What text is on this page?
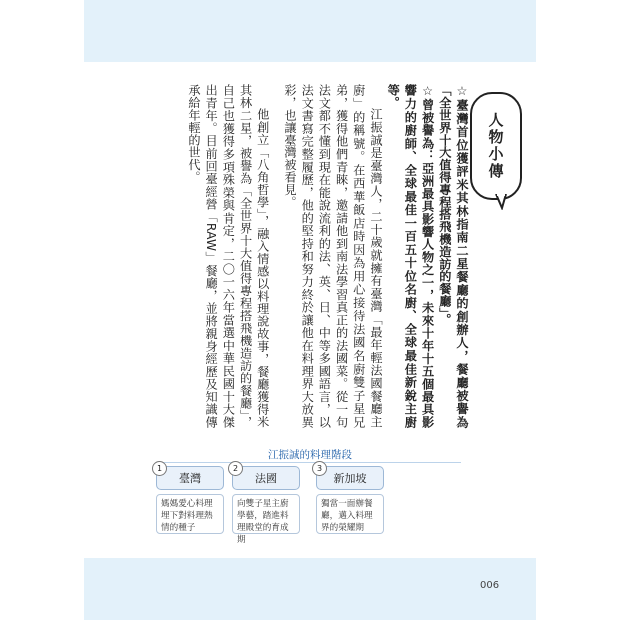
☆臺灣首位獲評米其林指南二星餐廳的創辦人，餐廳被譽為「全世界十大值得專程搭飛機造訪的餐廳」。

☆曾被譽為：亞洲最具影響人物之一，未來十年十五個最具影響力的廚師、全球最佳一百五十位名廚、全球最佳新銳主廚等。

江振誠是臺灣人，二十歲就擁有臺灣「最年輕法國餐廳主廚」的稱號。在西華飯店時因為用心接待法國名廚雙子星兄弟，獲得他們青睞，邀請他到南法學習真正的法國菜。從一句法文都不懂到現在能說流利的法、英、日、中等多國語言，以法文書寫完整履歷，他的堅持和努力終於讓他在料理界大放異彩，也讓臺灣被看見。

他創立「八角哲學」，融入情感以料理說故事，餐廳獲得米其林二星，被譽為「全世界十大值得專程搭飛機造訪的餐廳」，自己也獲得多項殊榮與肯定，二〇一六年當選中華民國十大傑出青年。目前回臺經營「RAW」餐廳，並將親身經歷及知識傳承給年輕的世代。	人物小傳
江振誠的料理階段
1
臺灣
媽媽愛心料理埋下對料理熱情的種子
2
法國
向雙子星主廚學藝，踏進料理殿堂的育成期
3
新加坡
獨當一面辦餐廳，邁入料理界的榮耀期
006
